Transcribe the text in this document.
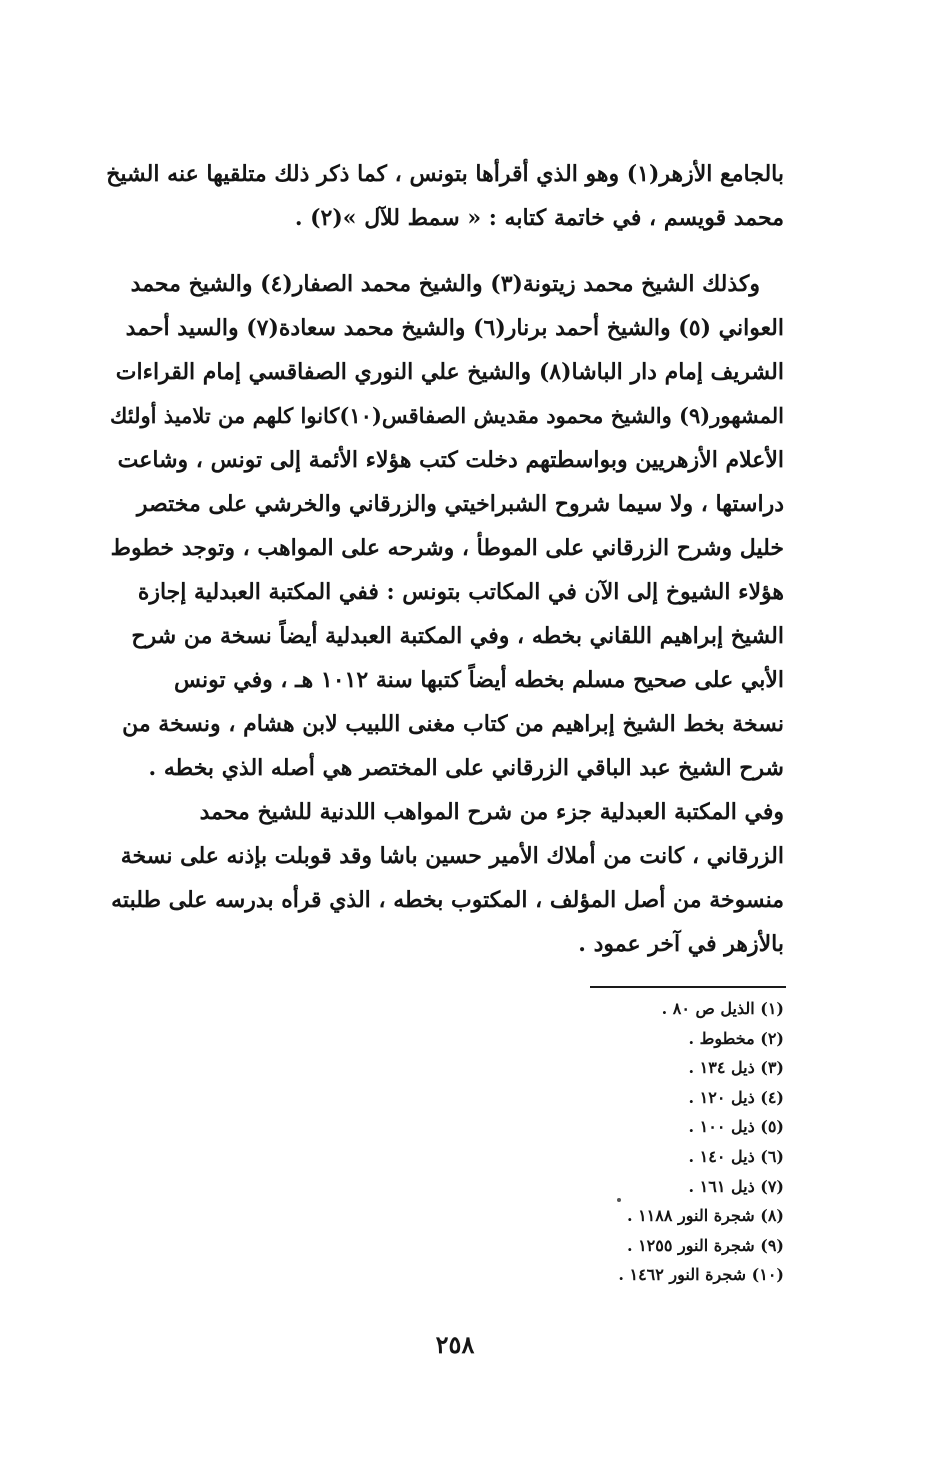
بالجامع الأزهر(١) وهو الذي أقرأها بتونس ، كما ذكر ذلك متلقيها عنه الشيخ
محمد قويسم ، في خاتمة كتابه : « سمط للآل »(٢) .
وكذلك الشيخ محمد زيتونة(٣) والشيخ محمد الصفار(٤) والشيخ محمد
العواني (٥) والشيخ أحمد برنار(٦) والشيخ محمد سعادة(٧) والسيد أحمد
الشريف إمام دار الباشا(٨) والشيخ علي النوري الصفاقسي إمام القراءات
المشهور(٩) والشيخ محمود مقديش الصفاقس(١٠)كانوا كلهم من تلاميذ أولئك
الأعلام الأزهريين وبواسطتهم دخلت كتب هؤلاء الأئمة إلى تونس ، وشاعت
دراستها ، ولا سيما شروح الشبراخيتي والزرقاني والخرشي على مختصر
خليل وشرح الزرقاني على الموطأ ، وشرحه على المواهب ، وتوجد خطوط
هؤلاء الشيوخ إلى الآن في المكاتب بتونس : ففي المكتبة العبدلية إجازة
الشيخ إبراهيم اللقاني بخطه ، وفي المكتبة العبدلية أيضاً نسخة من شرح
الأبي على صحيح مسلم بخطه أيضاً كتبها سنة ١٠١٢ هـ ، وفي تونس
نسخة بخط الشيخ إبراهيم من كتاب مغنى اللبيب لابن هشام ، ونسخة من
شرح الشيخ عبد الباقي الزرقاني على المختصر هي أصله الذي بخطه .
وفي المكتبة العبدلية جزء من شرح المواهب اللدنية للشيخ محمد
الزرقاني ، كانت من أملاك الأمير حسين باشا وقد قوبلت بإذنه على نسخة
منسوخة من أصل المؤلف ، المكتوب بخطه ، الذي قرأه بدرسه على طلبته
بالأزهر في آخر عمود .
(١) الذيل ص ٨٠ .
(٢) مخطوط .
(٣) ذيل ١٣٤ .
(٤) ذيل ١٢٠ .
(٥) ذيل ١٠٠ .
(٦) ذيل ١٤٠ .
(٧) ذيل ١٦١ .
(٨) شجرة النور ١١٨٨ .
(٩) شجرة النور ١٢٥٥ .
(١٠) شجرة النور ١٤٦٢ .
٢٥٨
